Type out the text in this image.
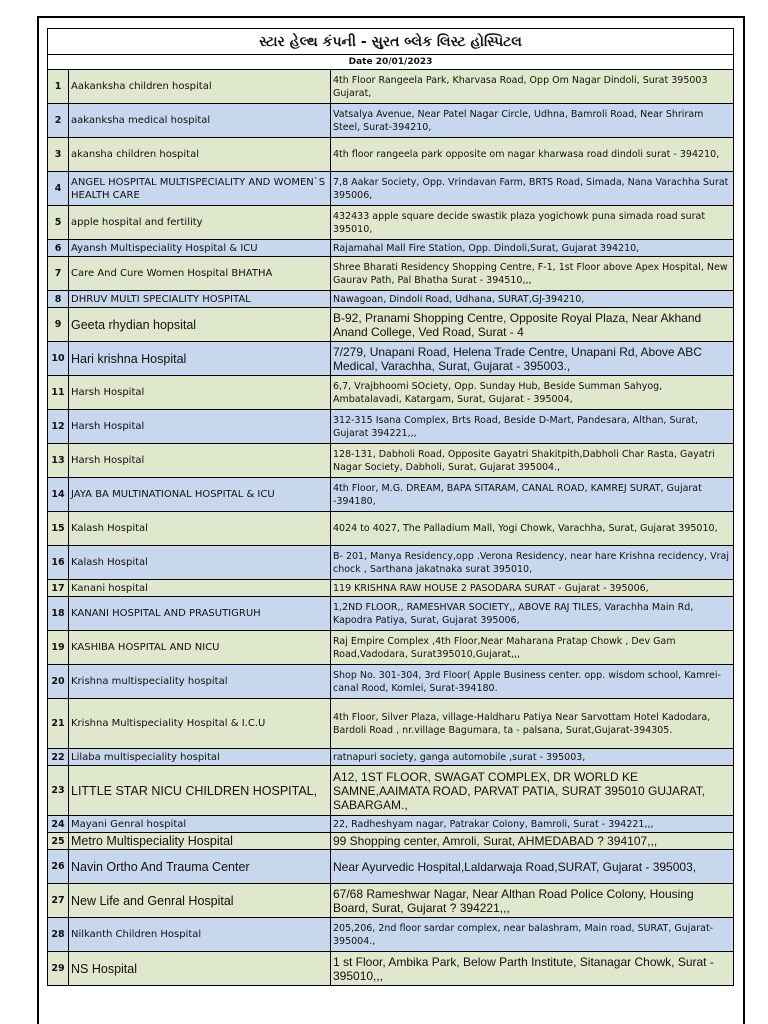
સ્ટાર હેલ્થ કંપની - સુરત બ્લેક લિસ્ટ હોસ્પિટલ		
Date 20/01/2023		
1	Aakanksha children hospital	4th Floor Rangeela Park, Kharvasa Road, Opp Om Nagar Dindoli, Surat 395003 Gujarat,
2	aakanksha medical hospital	Vatsalya Avenue, Near Patel Nagar Circle, Udhna, Bamroli Road, Near Shriram Steel, Surat-394210,
3	akansha children hospital	4th floor rangeela park opposite om nagar kharwasa road dindoli surat - 394210,
4	ANGEL HOSPITAL MULTISPECIALITY AND WOMEN`S HEALTH CARE	7,8 Aakar Society, Opp. Vrindavan Farm, BRTS Road, Simada, Nana Varachha Surat 395006,
5	apple hospital and fertility	432433 apple square decide swastik plaza yogichowk puna simada road surat 395010,
6	Ayansh Multispeciality Hospital & ICU	Rajamahal Mall Fire Station, Opp. Dindoli,Surat, Gujarat 394210,
7	Care And Cure Women Hospital BHATHA	Shree Bharati Residency Shopping Centre, F-1, 1st Floor above Apex Hospital, New Gaurav Path, Pal Bhatha Surat - 394510,,,
8	DHRUV MULTI SPECIALITY HOSPITAL	Nawagoan, Dindoli Road, Udhana, SURAT,GJ-394210,
9	Geeta rhydian hopsital	B-92, Pranami Shopping Centre, Opposite Royal Plaza, Near Akhand Anand College, Ved Road, Surat - 4
10	Hari krishna Hospital	7/279, Unapani Road, Helena Trade Centre, Unapani Rd, Above ABC Medical, Varachha, Surat, Gujarat - 395003.,
11	Harsh Hospital	6,7, Vrajbhoomi SOciety, Opp. Sunday Hub, Beside Summan Sahyog, Ambatalavadi, Katargam, Surat, Gujarat - 395004,
12	Harsh Hospital	312-315 Isana Complex, Brts Road, Beside D-Mart, Pandesara, Althan, Surat, Gujarat 394221,,,
13	Harsh Hospital	128-131, Dabholi Road, Opposite Gayatri Shakitpith,Dabholi Char Rasta, Gayatri Nagar Society, Dabholi, Surat, Gujarat 395004.,
14	JAYA BA MULTINATIONAL HOSPITAL & ICU	4th Floor, M.G. DREAM, BAPA SITARAM, CANAL ROAD, KAMREJ SURAT, Gujarat -394180,
15	Kalash Hospital	4024 to 4027, The Palladium Mall, Yogi Chowk, Varachha, Surat, Gujarat 395010,
16	Kalash Hospital	B- 201, Manya Residency,opp .Verona Residency, near hare Krishna recidency, Vraj chock , Sarthana jakatnaka surat 395010,
17	Kanani hospital	119 KRISHNA RAW HOUSE 2 PASODARA SURAT - Gujarat - 395006,
18	KANANI HOSPITAL AND PRASUTIGRUH	1,2ND FLOOR,, RAMESHVAR SOCIETY,, ABOVE RAJ TILES, Varachha Main Rd, Kapodra Patiya, Surat, Gujarat 395006,
19	KASHIBA HOSPITAL AND NICU	Raj Empire Complex ,4th Floor,Near Maharana Pratap Chowk , Dev Gam Road,Vadodara, Surat395010,Gujarat,,,
20	Krishna multispeciality hospital	Shop No. 301-304, 3rd Floor( Apple Business center. opp. wisdom school, Kamrei-canal Rood, Komlei, Surat-394180.
21	Krishna Multispeciality Hospital & I.C.U	4th Floor, Silver Plaza, village-Haldharu Patiya Near Sarvottam Hotel Kadodara, Bardoli Road , nr.village Bagumara, ta - palsana, Surat,Gujarat-394305.
22	Lilaba multispeciality hospital	ratnapuri society, ganga automobile ,surat - 395003,
23	LITTLE STAR NICU CHILDREN HOSPITAL,	A12, 1ST FLOOR, SWAGAT COMPLEX, DR WORLD KE SAMNE,AAIMATA ROAD, PARVAT PATIA, SURAT 395010 GUJARAT, SABARGAM.,
24	Mayani Genral hospital	22, Radheshyam nagar, Patrakar Colony, Bamroli, Surat - 394221,,,
25	Metro Multispeciality Hospital	99 Shopping center, Amroli, Surat, AHMEDABAD ? 394107,,,
26	Navin Ortho And Trauma Center	Near Ayurvedic Hospital,Laldarwaja Road,SURAT, Gujarat - 395003,
27	New Life and Genral Hospital	67/68 Rameshwar Nagar, Near Althan Road Police Colony, Housing Board, Surat, Gujarat ? 394221,,,
28	Nilkanth Children Hospital	205,206, 2nd floor sardar complex, near balashram, Main road, SURAT, Gujarat-395004.,
29	NS Hospital	1 st Floor, Ambika Park, Below Parth Institute, Sitanagar Chowk, Surat - 395010,,,
